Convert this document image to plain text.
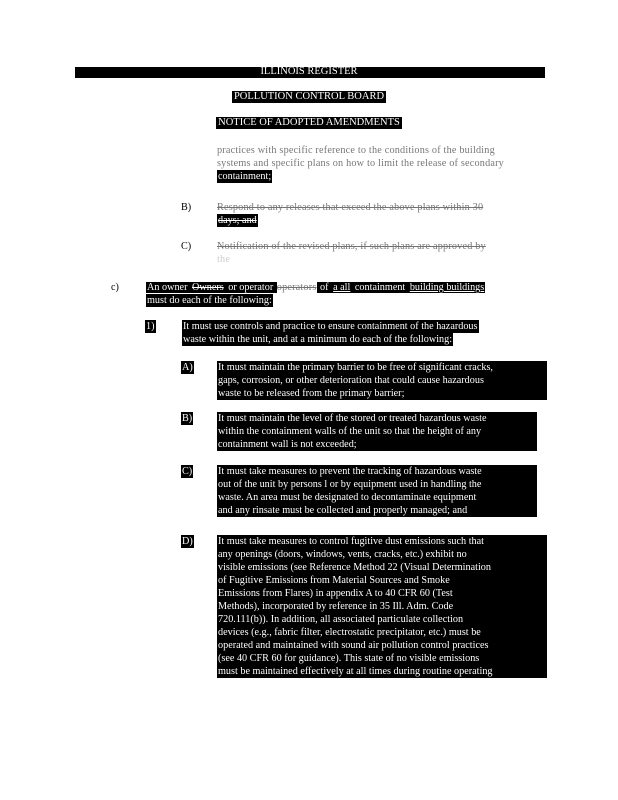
ILLINOIS REGISTER
POLLUTION CONTROL BOARD
NOTICE OF ADOPTED AMENDMENTS
practices with specific reference to the conditions of the building
systems and specific plans on how to limit the release of secondary
containment;
B)	Respond to any releases that exceed the above plans within 30
days; and
C)	Notification of the revised plans, if such plans are approved by
the
c)	An owner Owners or operator operators of a all containment building buildings
must do each of the following:
1)	It must use controls and practice to ensure containment of the hazardous
waste within the unit, and at a minimum do each of the following:
A) It must maintain the primary barrier to be free of significant cracks,
gaps, corrosion, or other deterioration that could cause hazardous
waste to be released from the primary barrier;
B)	It must maintain the level of the stored or treated hazardous waste
within the containment walls of the unit so that the height of any
containment wall is not exceeded;
C)	It must take measures to prevent the tracking of hazardous waste
out of the unit by persons l or by equipment used in handling the
waste. An area must be designated to decontaminate equipment
and any rinsate must be collected and properly managed; and
D) It must take measures to control fugitive dust emissions such that
any openings (doors, windows, vents, cracks, etc.) exhibit no
visible emissions (see Reference Method 22 (Visual Determination
of Fugitive Emissions from Material Sources and Smoke
Emissions from Flares) in appendix A to 40 CFR 60 (Test
Methods), incorporated by reference in 35 Ill. Adm. Code
720.111(b)). In addition, all associated particulate collection
devices (e.g., fabric filter, electrostatic precipitator, etc.) must be
operated and maintained with sound air pollution control practices
(see 40 CFR 60 for guidance). This state of no visible emissions
must be maintained effectively at all times during routine operating
